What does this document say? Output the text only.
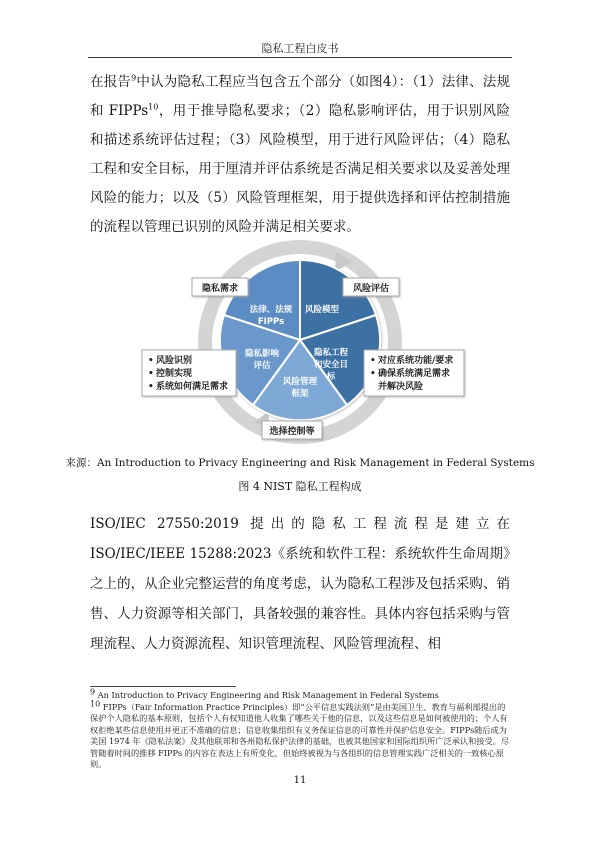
隐私工程白皮书

在报告$^9$中认为隐私工程应当包含五个部分（如图4）：（1）法律、法规和 FIPPs$^{10}$，用于推导隐私要求；（2）隐私影响评估，用于识别风险和描述系统评估过程；（3）风险模型，用于进行风险评估；（4）隐私工程和安全目标，用于厘清并评估系统是否满足相关要求以及妥善处理风险的能力；以及（5）风险管理框架，用于提供选择和评估控制措施的流程以管理已识别的风险并满足相关要求。

法律、法规
FIPPs
风险模型
隐私工程
和安全目
标
风险管理
框架
隐私影响
评估
隐私需求	风险评估
• 风险识别
• 控制实现
• 系统如何满足需求
• 对应系统功能/要求
• 确保系统满足需求
并解决风险
选择控制等
来源：An Introduction to Privacy Engineering and Risk Management in Federal Systems
图 4 NIST 隐私工程构成

ISO/IEC 27550:2019 提出的隐私工程流程是建立在 ISO/IEC/IEEE 15288:2023《系统和软件工程：系统软件生命周期》之上的，从企业完整运营的角度考虑，认为隐私工程涉及包括采购、销售、人力资源等相关部门，具备较强的兼容性。具体内容包括采购与管理流程、人力资源流程、知识管理流程、风险管理流程、相

$^9$ An Introduction to Privacy Engineering and Risk Management in Federal Systems

$^{10}$ FIPPs（Fair Information Practice Principles）即“公平信息实践法则”是由美国卫生、教育与福利部提出的保护个人隐私的基本原则，包括个人有权知道他人收集了哪些关于他的信息，以及这些信息是如何被使用的；个人有权拒绝某些信息使用并更正不准确的信息；信息收集组织有义务保证信息的可靠性并保护信息安全。FIPPs随后成为美国 1974 年《隐私法案》及其他联邦和各州隐私保护法律的基础，也被其他国家和国际组织所广泛承认和接受。尽管随着时间的推移 FIPPs 的内容在表达上有所变化，但始终被视为与各组织的信息管理实践广泛相关的一致核心原则。

11
